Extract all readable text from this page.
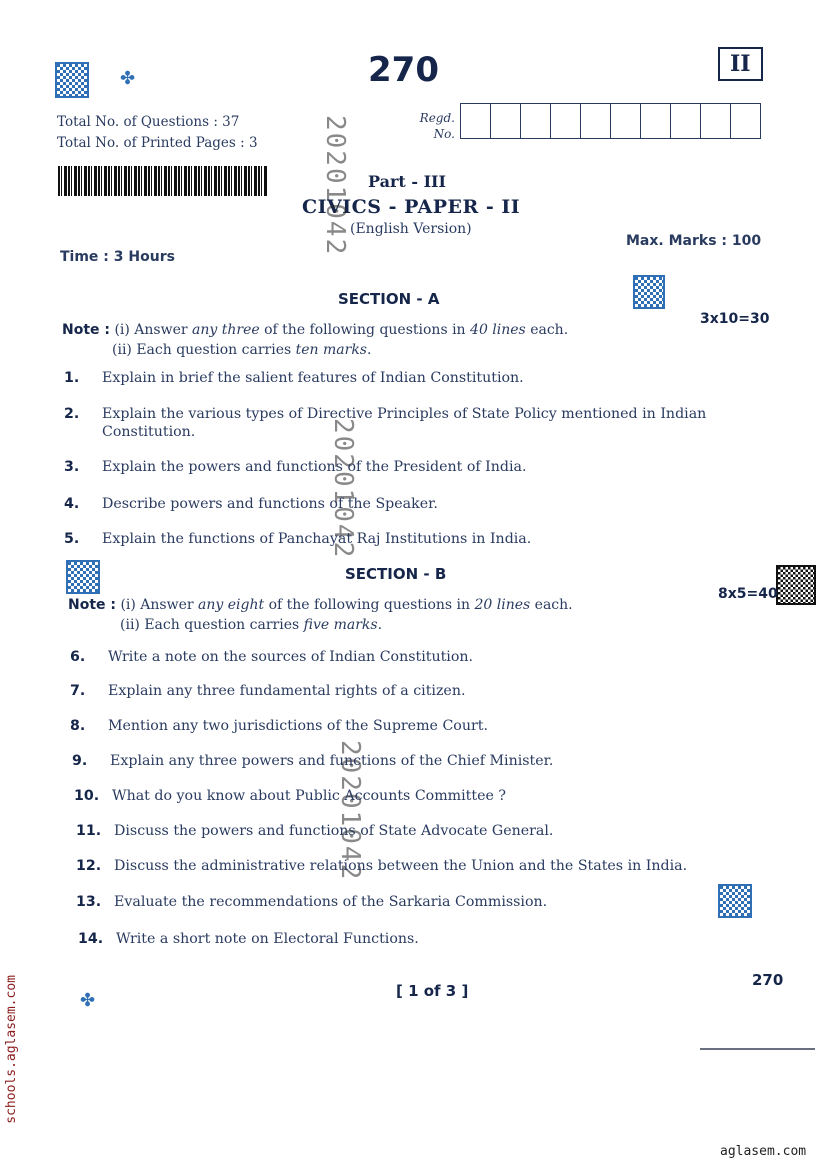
✤	270	II
Total No. of Questions : 37
Total No. of Printed Pages : 3
Regd.
No.
Part - III
CIVICS - PAPER - II
(English Version)
Time : 3 Hours
Max. Marks : 100
20201042
20201042
20201042
SECTION - A
3x10=30
Note : (i) Answer any three of the following questions in 40 lines each.
(ii) Each question carries ten marks.
1.	Explain in brief the salient features of Indian Constitution.
2.	Explain the various types of Directive Principles of State Policy mentioned in Indian Constitution.
3.	Explain the powers and functions of the President of India.
4.	Describe powers and functions of the Speaker.
5.	Explain the functions of Panchayat Raj Institutions in India.
SECTION - B
8x5=40
Note : (i) Answer any eight of the following questions in 20 lines each.
(ii) Each question carries five marks.
6.	Write a note on the sources of Indian Constitution.
7.	Explain any three fundamental rights of a citizen.
8.	Mention any two jurisdictions of the Supreme Court.
9.	Explain any three powers and functions of the Chief Minister.
10. What do you know about Public Accounts Committee ?
11. Discuss the powers and functions of State Advocate General.
12. Discuss the administrative relations between the Union and the States in India.
13. Evaluate the recommendations of the Sarkaria Commission.
14. Write a short note on Electoral Functions.
✤	[ 1 of 3 ]
270
schools.aglasem.com
aglasem.com
